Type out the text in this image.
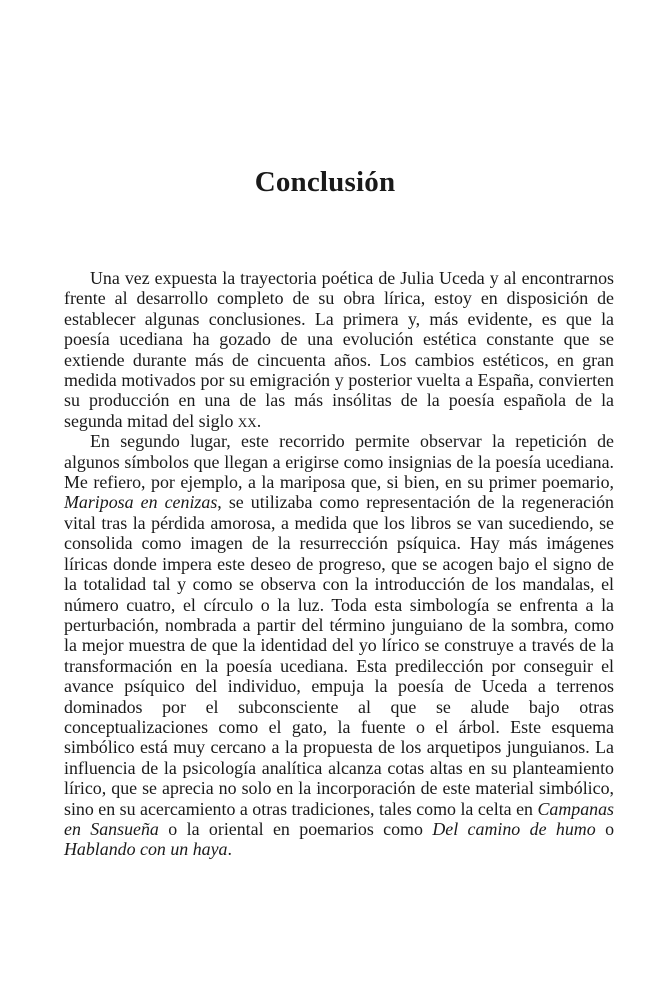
Conclusión

Una vez expuesta la trayectoria poética de Julia Uceda y al encontrarnos frente al desarrollo completo de su obra lírica, estoy en disposición de establecer algunas conclusiones. La primera y, más evidente, es que la poesía ucediana ha gozado de una evolución estética constante que se extiende durante más de cincuenta años. Los cambios estéticos, en gran medida motivados por su emigración y posterior vuelta a España, convierten su producción en una de las más insólitas de la poesía española de la segunda mitad del siglo xx.

En segundo lugar, este recorrido permite observar la repetición de algunos símbolos que llegan a erigirse como insignias de la poesía ucediana. Me refiero, por ejemplo, a la mariposa que, si bien, en su primer poemario, Mariposa en cenizas, se utilizaba como representación de la regeneración vital tras la pérdida amorosa, a medida que los libros se van sucediendo, se consolida como imagen de la resurrección psíquica. Hay más imágenes líricas donde impera este deseo de progreso, que se acogen bajo el signo de la totalidad tal y como se observa con la introducción de los mandalas, el número cuatro, el círculo o la luz. Toda esta simbología se enfrenta a la perturbación, nombrada a partir del término junguiano de la sombra, como la mejor muestra de que la identidad del yo lírico se construye a través de la transformación en la poesía ucediana. Esta predilección por conseguir el avance psíquico del individuo, empuja la poesía de Uceda a terrenos dominados por el subconsciente al que se alude bajo otras conceptualizaciones como el gato, la fuente o el árbol. Este esquema simbólico está muy cercano a la propuesta de los arquetipos junguianos. La influencia de la psicología analítica alcanza cotas altas en su planteamiento lírico, que se aprecia no solo en la incorporación de este material simbólico, sino en su acercamiento a otras tradiciones, tales como la celta en Campanas en Sansueña o la oriental en poemarios como Del camino de humo o Hablando con un haya.
